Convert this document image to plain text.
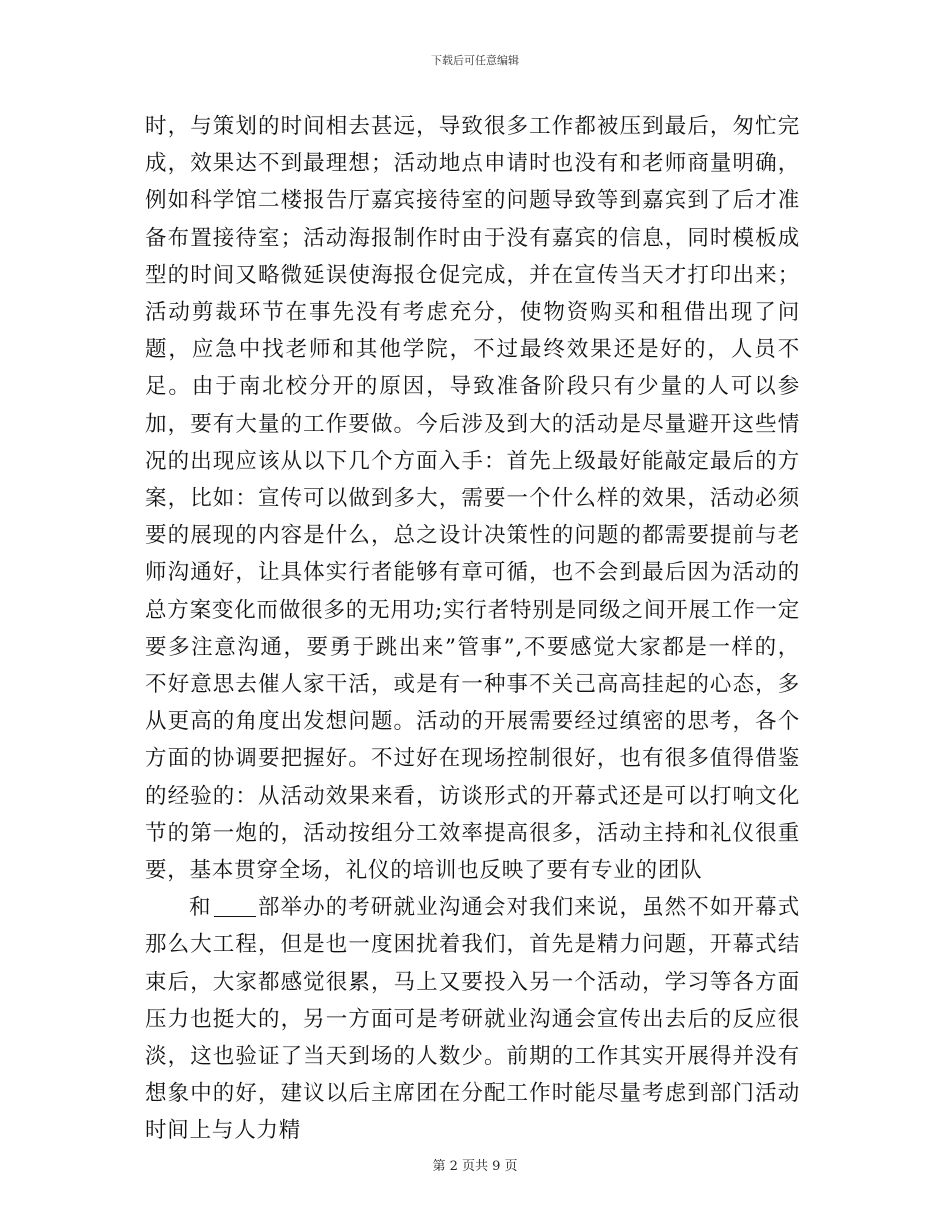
下载后可任意编辑

时，与策划的时间相去甚远，导致很多工作都被压到最后，匆忙完成，效果达不到最理想；活动地点申请时也没有和老师商量明确，例如科学馆二楼报告厅嘉宾接待室的问题导致等到嘉宾到了后才准备布置接待室；活动海报制作时由于没有嘉宾的信息，同时模板成型的时间又略微延误使海报仓促完成，并在宣传当天才打印出来；活动剪裁环节在事先没有考虑充分，使物资购买和租借出现了问题，应急中找老师和其他学院，不过最终效果还是好的，人员不足。由于南北校分开的原因，导致准备阶段只有少量的人可以参加，要有大量的工作要做。今后涉及到大的活动是尽量避开这些情况的出现应该从以下几个方面入手：首先上级最好能敲定最后的方案，比如：宣传可以做到多大，需要一个什么样的效果，活动必须要的展现的内容是什么，总之设计决策性的问题的都需要提前与老师沟通好，让具体实行者能够有章可循，也不会到最后因为活动的总方案变化而做很多的无用功;实行者特别是同级之间开展工作一定要多注意沟通，要勇于跳出来”管事”,不要感觉大家都是一样的，不好意思去催人家干活，或是有一种事不关己高高挂起的心态，多从更高的角度出发想问题。活动的开展需要经过缜密的思考，各个方面的协调要把握好。不过好在现场控制很好，也有很多值得借鉴的经验的：从活动效果来看，访谈形式的开幕式还是可以打响文化节的第一炮的，活动按组分工效率提高很多，活动主持和礼仪很重要，基本贯穿全场，礼仪的培训也反映了要有专业的团队

和 部举办的考研就业沟通会对我们来说，虽然不如开幕式那么大工程，但是也一度困扰着我们，首先是精力问题，开幕式结束后，大家都感觉很累，马上又要投入另一个活动，学习等各方面压力也挺大的，另一方面可是考研就业沟通会宣传出去后的反应很淡，这也验证了当天到场的人数少。前期的工作其实开展得并没有想象中的好，建议以后主席团在分配工作时能尽量考虑到部门活动时间上与人力精

第 2 页共 9 页
